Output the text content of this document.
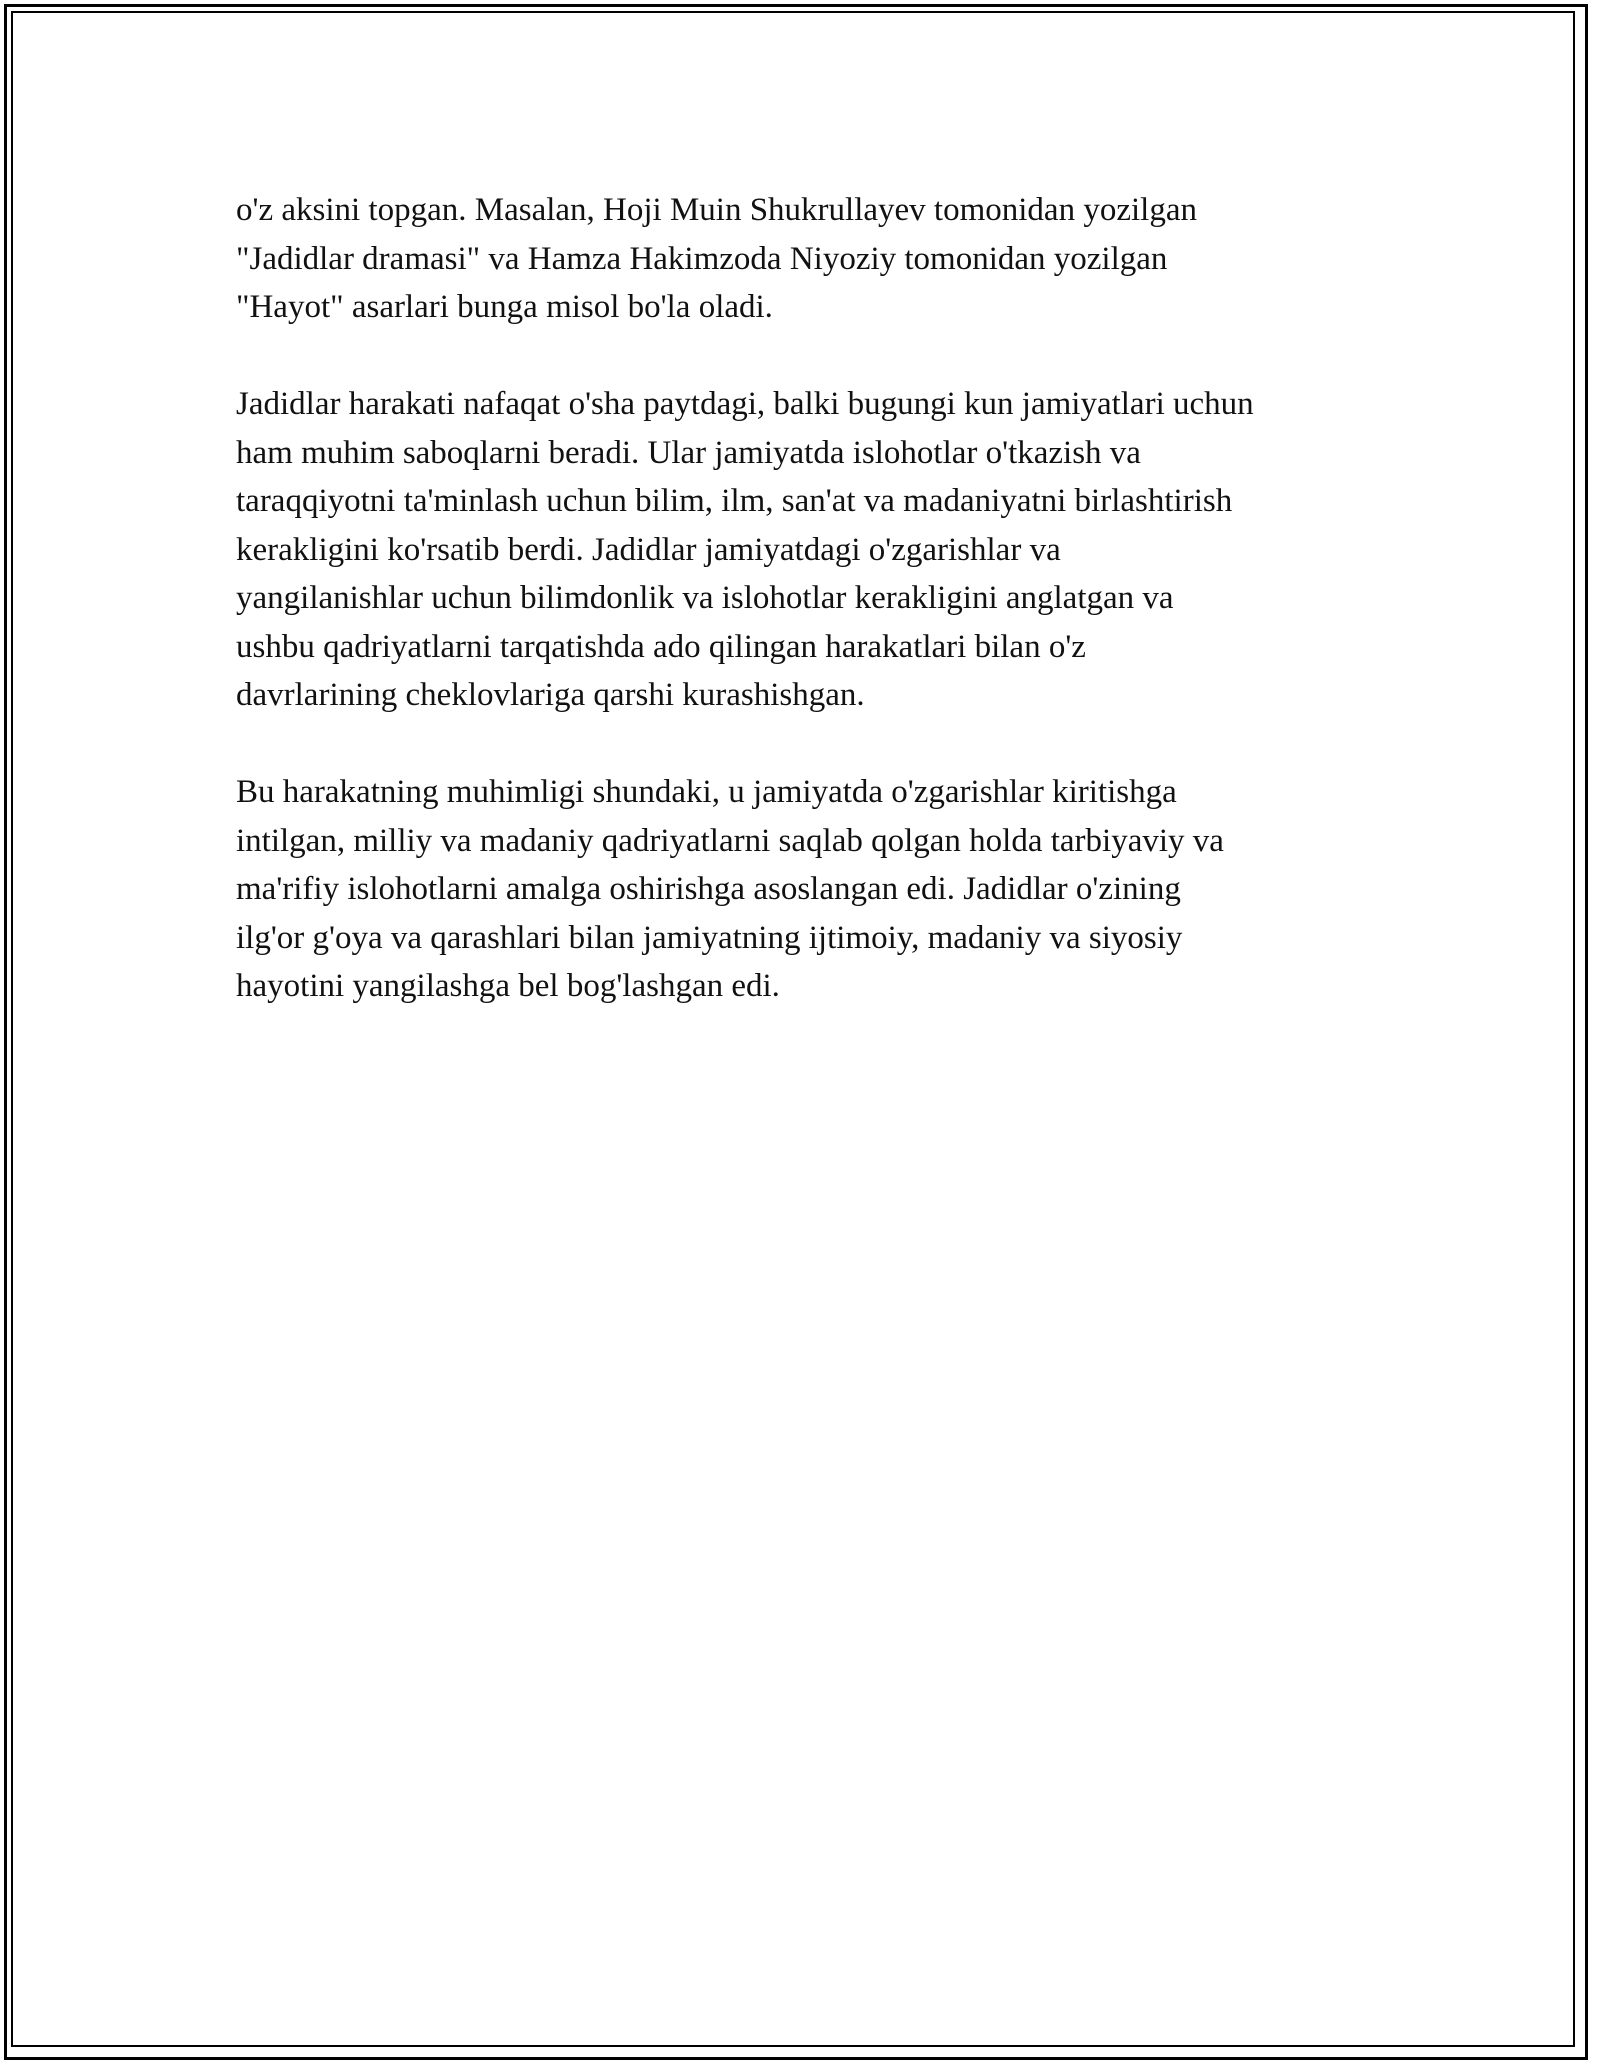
o'z aksini topgan. Masalan, Hoji Muin Shukrullayev tomonidan yozilgan
"Jadidlar dramasi" va Hamza Hakimzoda Niyoziy tomonidan yozilgan
"Hayot" asarlari bunga misol bo'la oladi.

Jadidlar harakati nafaqat o'sha paytdagi, balki bugungi kun jamiyatlari uchun
ham muhim saboqlarni beradi. Ular jamiyatda islohotlar o'tkazish va
taraqqiyotni ta'minlash uchun bilim, ilm, san'at va madaniyatni birlashtirish
kerakligini ko'rsatib berdi. Jadidlar jamiyatdagi o'zgarishlar va
yangilanishlar uchun bilimdonlik va islohotlar kerakligini anglatgan va
ushbu qadriyatlarni tarqatishda ado qilingan harakatlari bilan o'z
davrlarining cheklovlariga qarshi kurashishgan.

Bu harakatning muhimligi shundaki, u jamiyatda o'zgarishlar kiritishga
intilgan, milliy va madaniy qadriyatlarni saqlab qolgan holda tarbiyaviy va
ma'rifiy islohotlarni amalga oshirishga asoslangan edi. Jadidlar o'zining
ilg'or g'oya va qarashlari bilan jamiyatning ijtimoiy, madaniy va siyosiy
hayotini yangilashga bel bog'lashgan edi.
